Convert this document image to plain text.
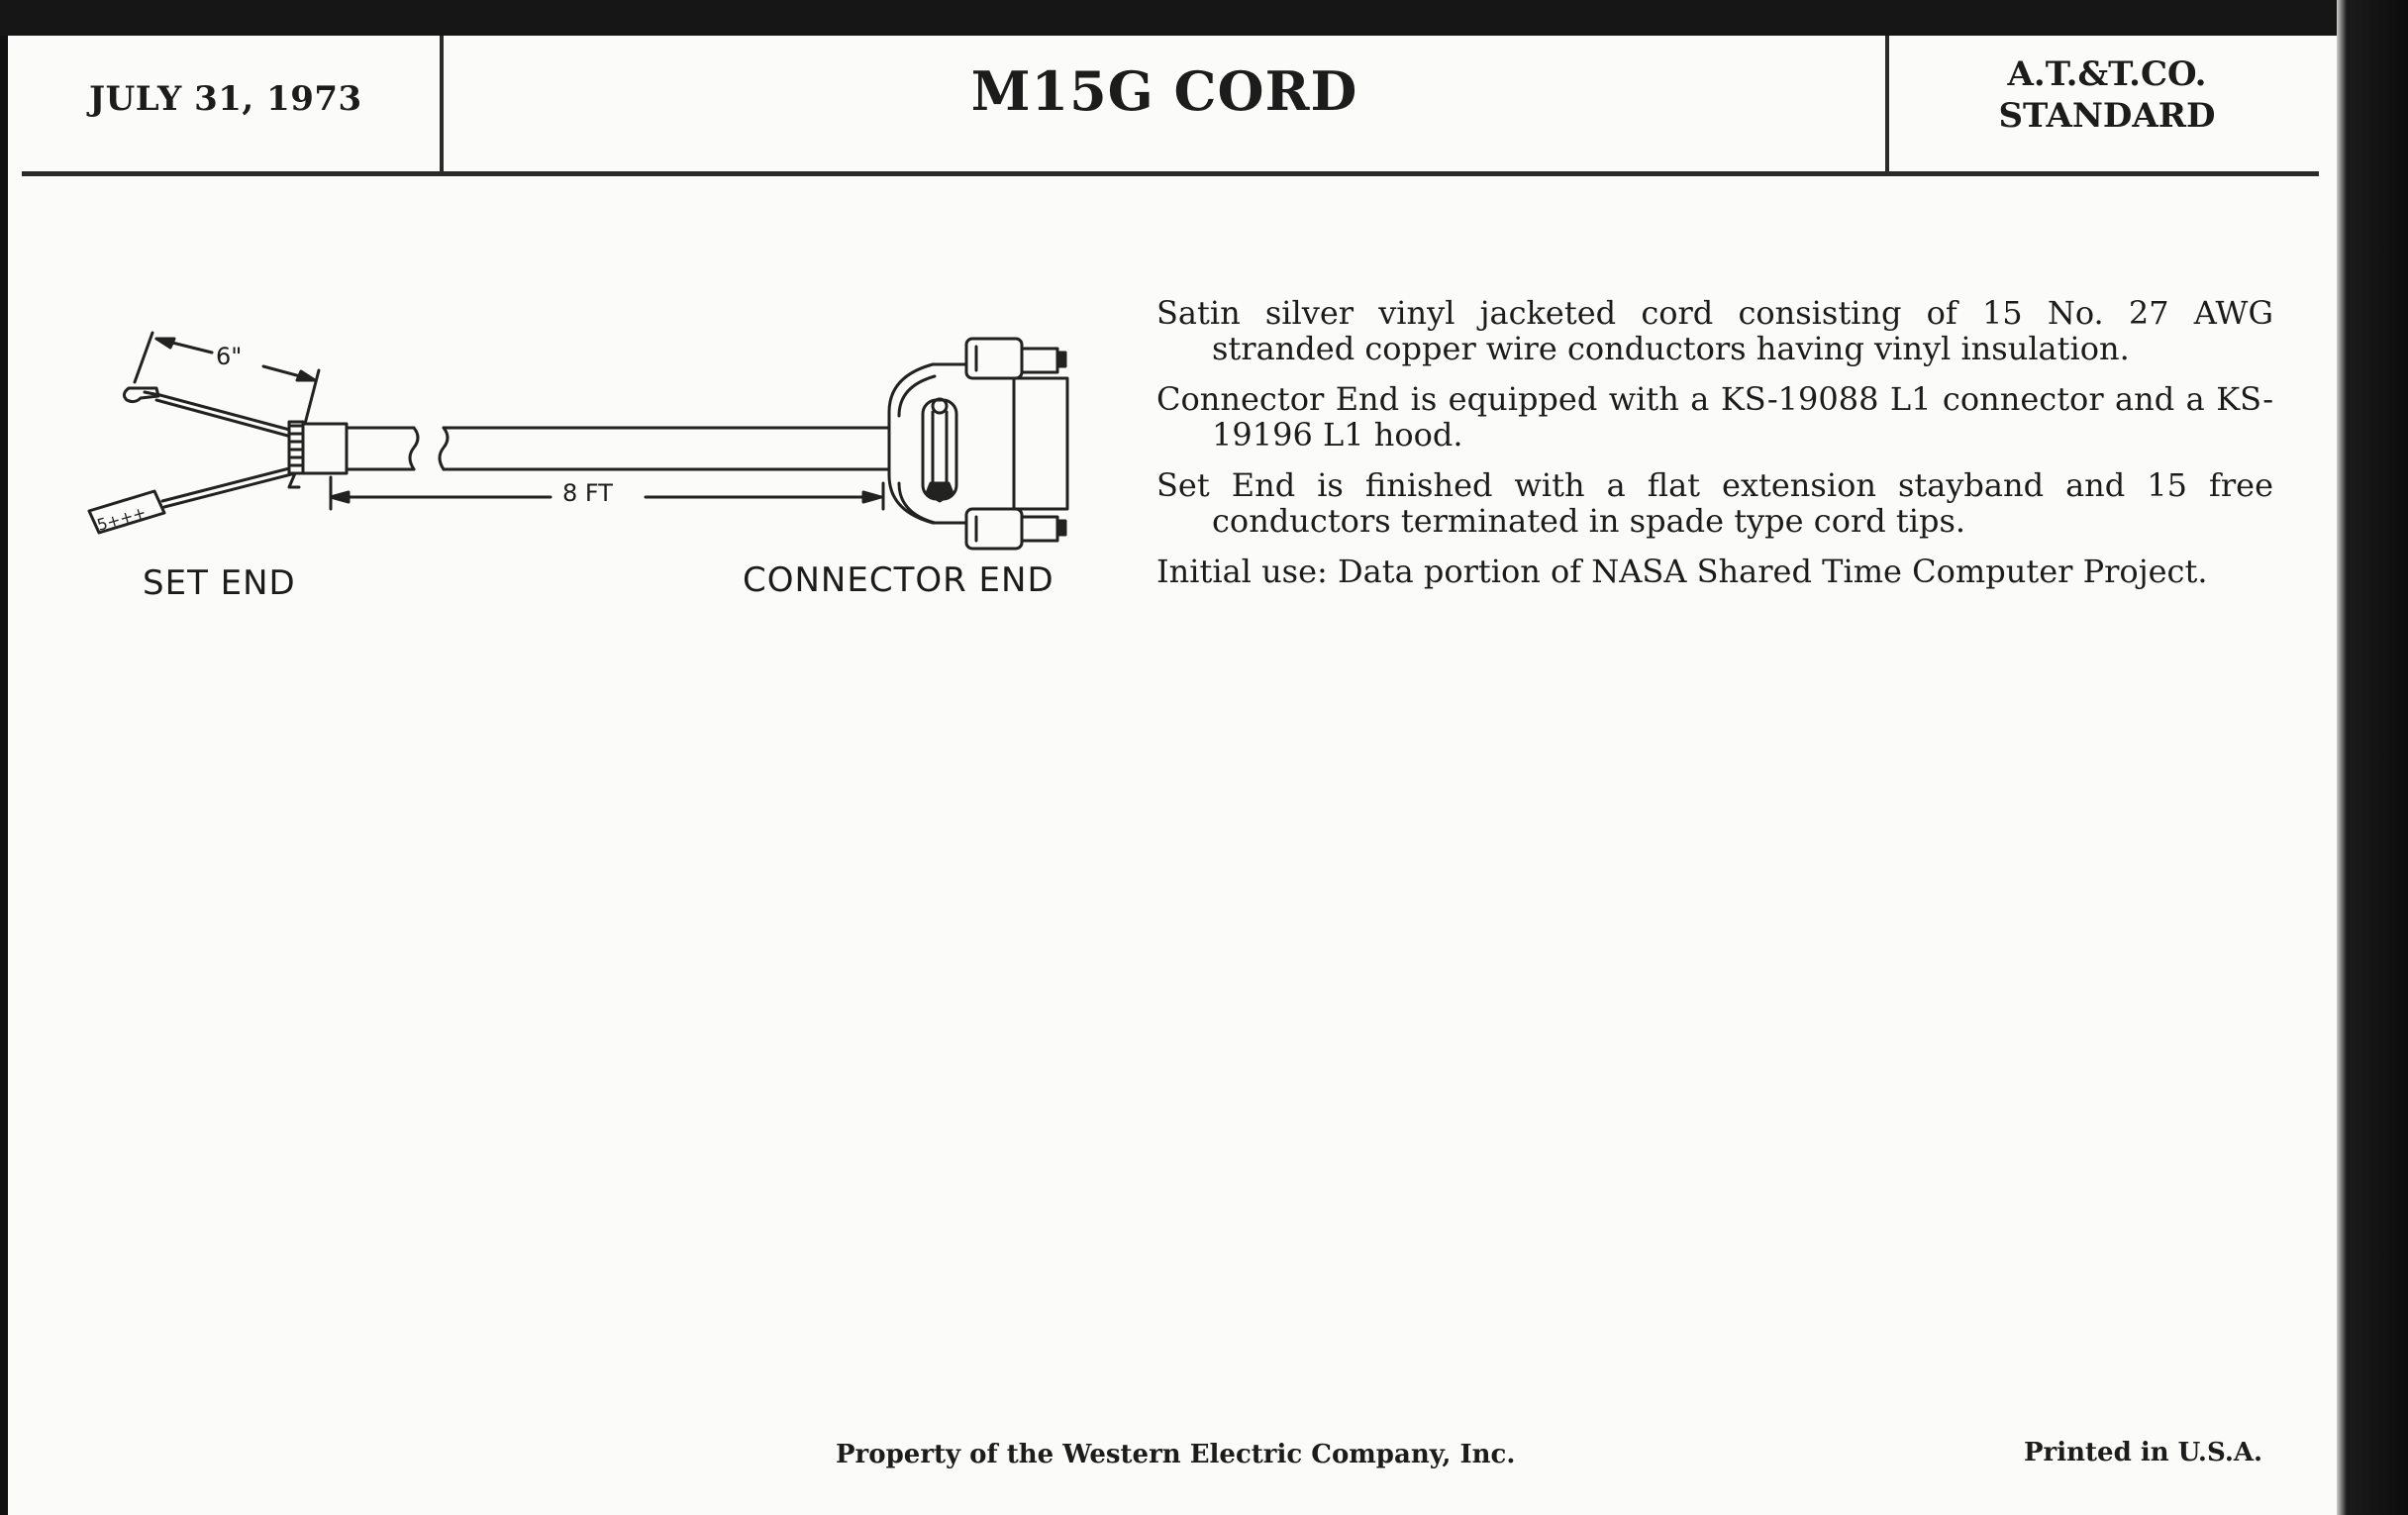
JULY 31, 1973	M15G CORD	A.T.&T.CO.
STANDARD
5+++
6"
8 FT
SET END	CONNECTOR END

Satin silver vinyl jacketed cord consisting of 15 No. 27 AWG stranded copper wire conductors having vinyl insulation.

Connector End is equipped with a KS-19088 L1 connector and a KS-19196 L1 hood.

Set End is finished with a flat extension stayband and 15 free conductors terminated in spade type cord tips.

Initial use: Data portion of NASA Shared Time Computer Project.

Property of the Western Electric Company, Inc.	Printed in U.S.A.
